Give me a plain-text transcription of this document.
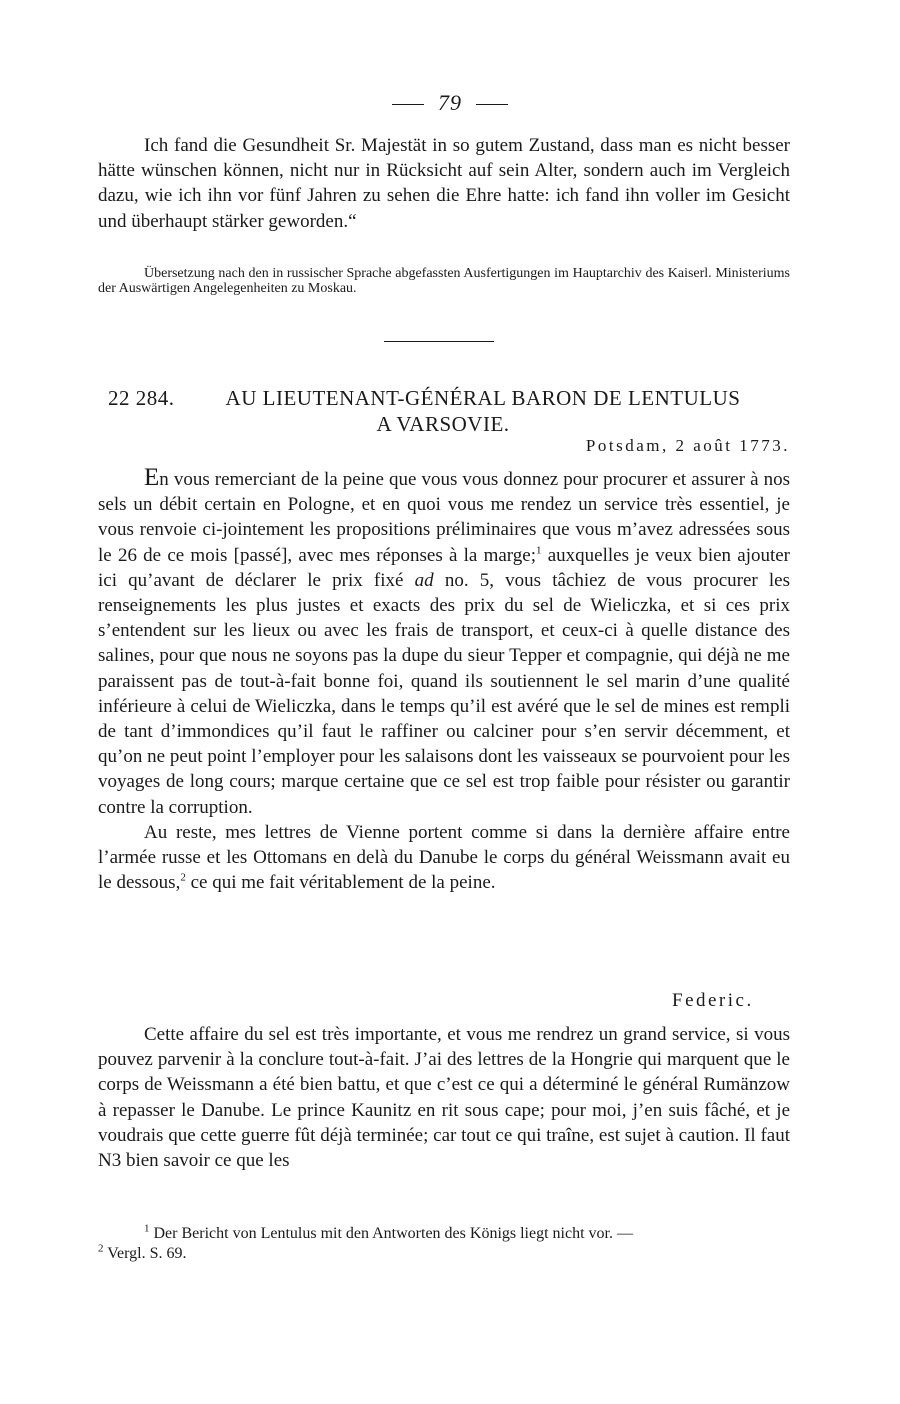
79

Ich fand die Gesundheit Sr. Majestät in so gutem Zustand, dass man es nicht besser hätte wünschen können, nicht nur in Rücksicht auf sein Alter, sondern auch im Vergleich dazu, wie ich ihn vor fünf Jahren zu sehen die Ehre hatte: ich fand ihn voller im Gesicht und überhaupt stärker geworden.“

Übersetzung nach den in russischer Sprache abgefassten Ausfertigungen im Hauptarchiv des Kaiserl. Ministeriums der Auswärtigen Angelegenheiten zu Moskau.
22 284.	AU LIEUTENANT-GÉNÉRAL BARON DE LENTULUS
A VARSOVIE.
Potsdam, 2 août 1773.

En vous remerciant de la peine que vous vous donnez pour procurer et assurer à nos sels un débit certain en Pologne, et en quoi vous me rendez un service très essentiel, je vous renvoie ci-jointement les propositions préliminaires que vous m’avez adressées sous le 26 de ce mois [passé], avec mes réponses à la marge;$^1$ auxquelles je veux bien ajouter ici qu’avant de déclarer le prix fixé ad no. 5, vous tâchiez de vous procurer les renseignements les plus justes et exacts des prix du sel de Wieliczka, et si ces prix s’entendent sur les lieux ou avec les frais de transport, et ceux-ci à quelle distance des salines, pour que nous ne soyons pas la dupe du sieur Tepper et compagnie, qui déjà ne me paraissent pas de tout-à-fait bonne foi, quand ils soutiennent le sel marin d’une qualité inférieure à celui de Wieliczka, dans le temps qu’il est avéré que le sel de mines est rempli de tant d’immondices qu’il faut le raffiner ou calciner pour s’en servir décemment, et qu’on ne peut point l’employer pour les salaisons dont les vaisseaux se pourvoient pour les voyages de long cours; marque certaine que ce sel est trop faible pour résister ou garantir contre la corruption.

Au reste, mes lettres de Vienne portent comme si dans la dernière affaire entre l’armée russe et les Ottomans en delà du Danube le corps du général Weissmann avait eu le dessous,$^2$ ce qui me fait véritablement de la peine.

Federic.

Cette affaire du sel est très importante, et vous me rendrez un grand service, si vous pouvez parvenir à la conclure tout-à-fait. J’ai des lettres de la Hongrie qui marquent que le corps de Weissmann a été bien battu, et que c’est ce qui a déterminé le général Rumänzow à repasser le Danube. Le prince Kaunitz en rit sous cape; pour moi, j’en suis fâché, et je voudrais que cette guerre fût déjà terminée; car tout ce qui traîne, est sujet à caution. Il faut N3 bien savoir ce que les

$^1$ Der Bericht von Lentulus mit den Antworten des Königs liegt nicht vor. —

$^2$ Vergl. S. 69.
